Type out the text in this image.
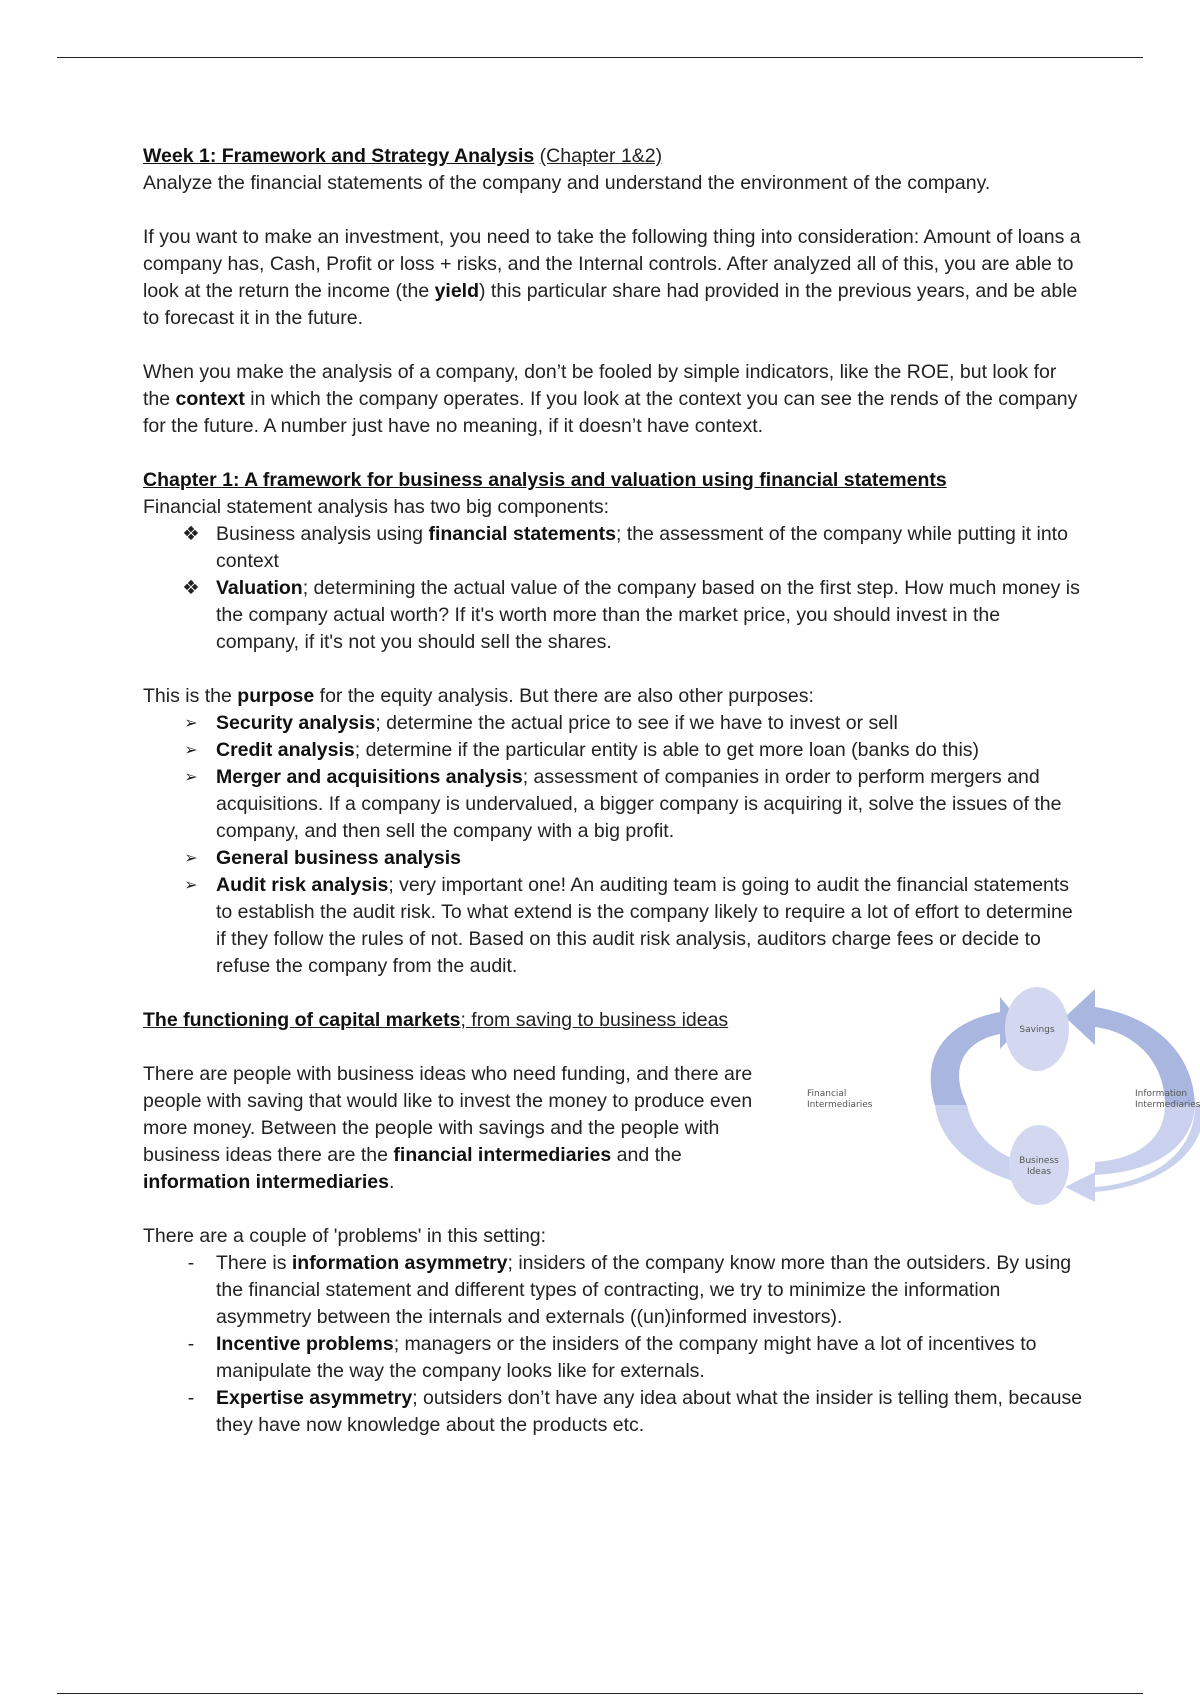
Week 1: Framework and Strategy Analysis (Chapter 1&2)

Analyze the financial statements of the company and understand the environment of the company.

If you want to make an investment, you need to take the following thing into consideration: Amount of loans a company has, Cash, Profit or loss + risks, and the Internal controls. After analyzed all of this, you are able to look at the return the income (the yield) this particular share had provided in the previous years, and be able to forecast it in the future.

When you make the analysis of a company, don’t be fooled by simple indicators, like the ROE, but look for the context in which the company operates. If you look at the context you can see the rends of the company for the future. A number just have no meaning, if it doesn’t have context.

Chapter 1: A framework for business analysis and valuation using financial statements

Financial statement analysis has two big components:

❖ Business analysis using financial statements; the assessment of the company while putting it into context
❖ Valuation; determining the actual value of the company based on the first step. How much money is the company actual worth? If it's worth more than the market price, you should invest in the company, if it's not you should sell the shares.

This is the purpose for the equity analysis. But there are also other purposes:

➢ Security analysis; determine the actual price to see if we have to invest or sell
➢ Credit analysis; determine if the particular entity is able to get more loan (banks do this)
➢ Merger and acquisitions analysis; assessment of companies in order to perform mergers and acquisitions. If a company is undervalued, a bigger company is acquiring it, solve the issues of the company, and then sell the company with a big profit.
➢ General business analysis
➢ Audit risk analysis; very important one! An auditing team is going to audit the financial statements to establish the audit risk. To what extend is the company likely to require a lot of effort to determine if they follow the rules of not. Based on this audit risk analysis, auditors charge fees or decide to refuse the company from the audit.

The functioning of capital markets; from saving to business ideas

There are people with business ideas who need funding, and there are people with saving that would like to invest the money to produce even more money. Between the people with savings and the people with business ideas there are the financial intermediaries and the information intermediaries.

Savings
Business
Ideas
Financial
Intermediaries
Information
Intermediaries

There are a couple of 'problems' in this setting:

-	There is information asymmetry; insiders of the company know more than the outsiders. By using the financial statement and different types of contracting, we try to minimize the information asymmetry between the internals and externals ((un)informed investors).
-	Incentive problems; managers or the insiders of the company might have a lot of incentives to manipulate the way the company looks like for externals.
-	Expertise asymmetry; outsiders don’t have any idea about what the insider is telling them, because they have now knowledge about the products etc.
